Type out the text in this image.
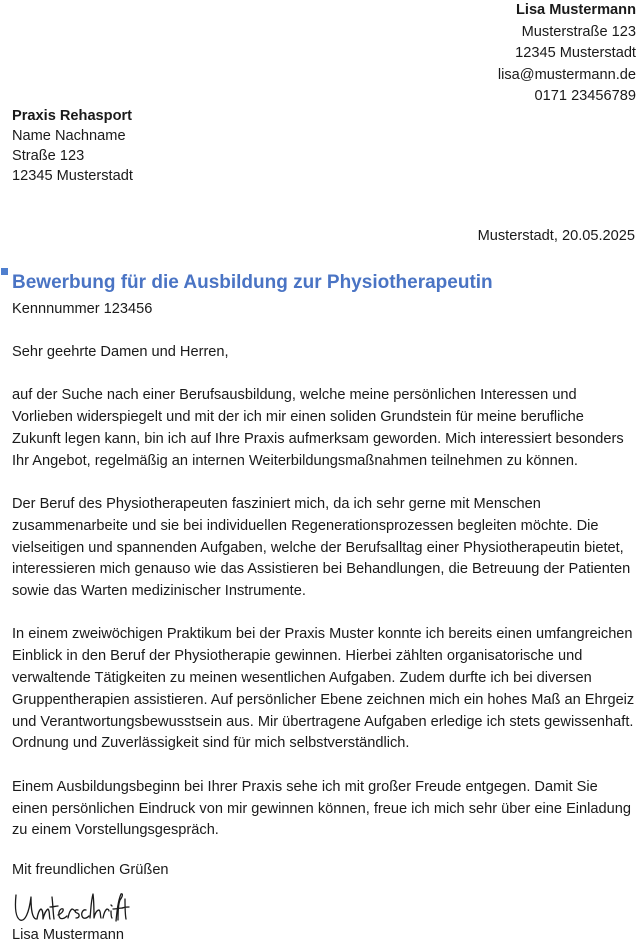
Lisa Mustermann
Musterstraße 123
12345 Musterstadt
lisa@mustermann.de
0171 23456789
Praxis Rehasport
Name Nachname
Straße 123
12345 Musterstadt
Musterstadt, 20.05.2025
Bewerbung für die Ausbildung zur Physiotherapeutin
Kennnummer 123456

Sehr geehrte Damen und Herren,

auf der Suche nach einer Berufsausbildung, welche meine persönlichen Interessen und Vorlieben widerspiegelt und mit der ich mir einen soliden Grundstein für meine berufliche Zukunft legen kann, bin ich auf Ihre Praxis aufmerksam geworden. Mich interessiert besonders Ihr Angebot, regelmäßig an internen Weiterbildungsmaßnahmen teilnehmen zu können.

Der Beruf des Physiotherapeuten fasziniert mich, da ich sehr gerne mit Menschen zusammenarbeite und sie bei individuellen Regenerationsprozessen begleiten möchte. Die vielseitigen und spannenden Aufgaben, welche der Berufsalltag einer Physiotherapeutin bietet, interessieren mich genauso wie das Assistieren bei Behandlungen, die Betreuung der Patienten sowie das Warten medizinischer Instrumente.

In einem zweiwöchigen Praktikum bei der Praxis Muster konnte ich bereits einen umfangreichen Einblick in den Beruf der Physiotherapie gewinnen. Hierbei zählten organisatorische und verwaltende Tätigkeiten zu meinen wesentlichen Aufgaben. Zudem durfte ich bei diversen Gruppentherapien assistieren. Auf persönlicher Ebene zeichnen mich ein hohes Maß an Ehrgeiz und Verantwortungsbewusstsein aus. Mir übertragene Aufgaben erledige ich stets gewissenhaft. Ordnung und Zuverlässigkeit sind für mich selbstverständlich.

Einem Ausbildungsbeginn bei Ihrer Praxis sehe ich mit großer Freude entgegen. Damit Sie einen persönlichen Eindruck von mir gewinnen können, freue ich mich sehr über eine Einladung zu einem Vorstellungsgespräch.

Mit freundlichen Grüßen
Lisa Mustermann
